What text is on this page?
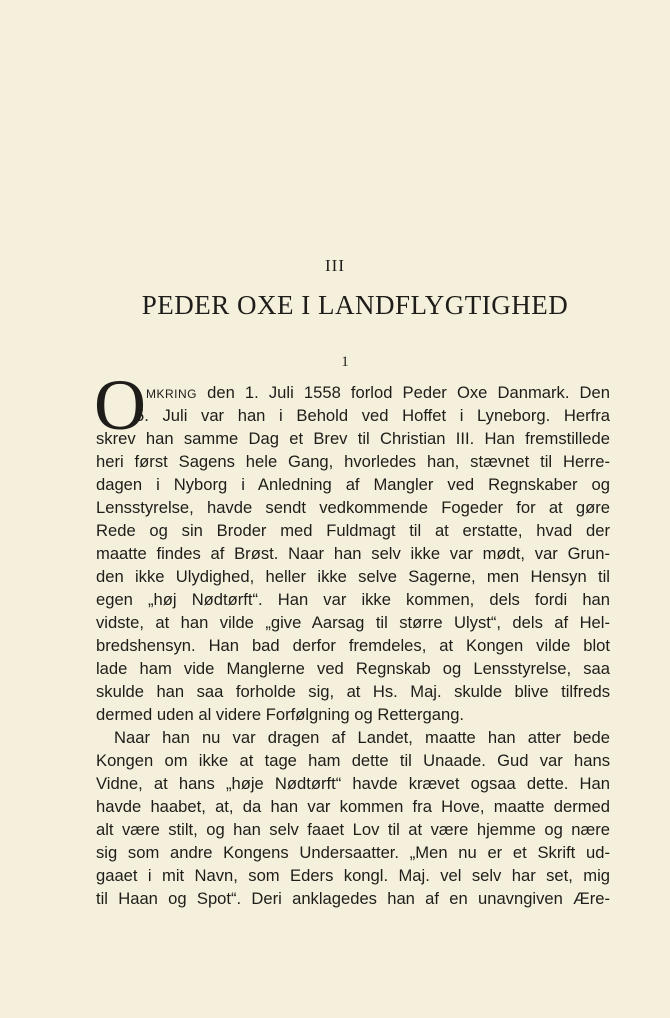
III
PEDER OXE I LANDFLYGTIGHED
1
O mkring den 1. Juli 1558 forlod Peder Oxe Danmark. Den
5. Juli var han i Behold ved Hoffet i Lyneborg. Herfra
skrev han samme Dag et Brev til Christian III. Han fremstillede
heri først Sagens hele Gang, hvorledes han, stævnet til Herre-
dagen i Nyborg i Anledning af Mangler ved Regnskaber og
Lensstyrelse, havde sendt vedkommende Fogeder for at gøre
Rede og sin Broder med Fuldmagt til at erstatte, hvad der
maatte findes af Brøst. Naar han selv ikke var mødt, var Grun-
den ikke Ulydighed, heller ikke selve Sagerne, men Hensyn til
egen „høj Nødtørft“. Han var ikke kommen, dels fordi han
vidste, at han vilde „give Aarsag til større Ulyst“, dels af Hel-
bredshensyn. Han bad derfor fremdeles, at Kongen vilde blot
lade ham vide Manglerne ved Regnskab og Lensstyrelse, saa
skulde han saa forholde sig, at Hs. Maj. skulde blive tilfreds
dermed uden al videre Forfølgning og Rettergang.
Naar han nu var dragen af Landet, maatte han atter bede
Kongen om ikke at tage ham dette til Unaade. Gud var hans
Vidne, at hans „høje Nødtørft“ havde krævet ogsaa dette. Han
havde haabet, at, da han var kommen fra Hove, maatte dermed
alt være stilt, og han selv faaet Lov til at være hjemme og nære
sig som andre Kongens Undersaatter. „Men nu er et Skrift ud-
gaaet i mit Navn, som Eders kongl. Maj. vel selv har set, mig
til Haan og Spot“. Deri anklagedes han af en unavngiven Ære-
